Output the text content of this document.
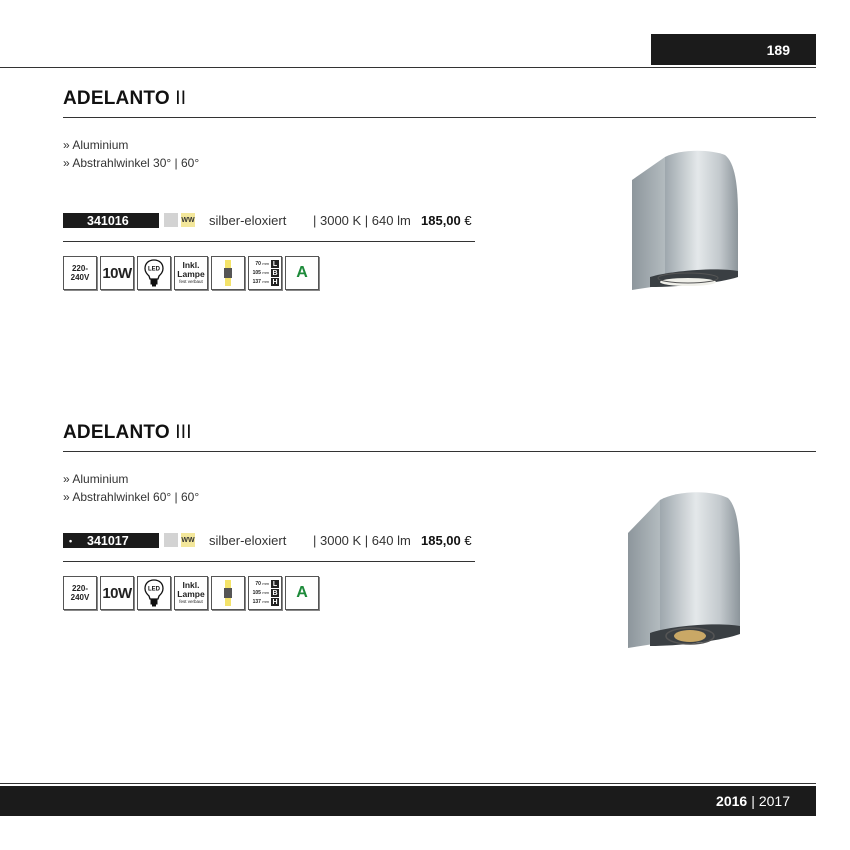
189
ADELANTO II
» Aluminium
» Abstrahlwinkel 30° | 60°
341016	WW silber-eloxiert | 3000 K | 640 lm 185,00 €
220-
240V 10W	LED	Inkl.
Lampe
fest verbaut
70 mm L
105 mm B
137 mm H
A
ADELANTO III
» Aluminium
» Abstrahlwinkel 60° | 60°
• 341017	WW silber-eloxiert | 3000 K | 640 lm 185,00 €
220-
240V 10W	LED	Inkl.
Lampe
fest verbaut
70 mm L
105 mm B
137 mm H
A
2016 | 2017
